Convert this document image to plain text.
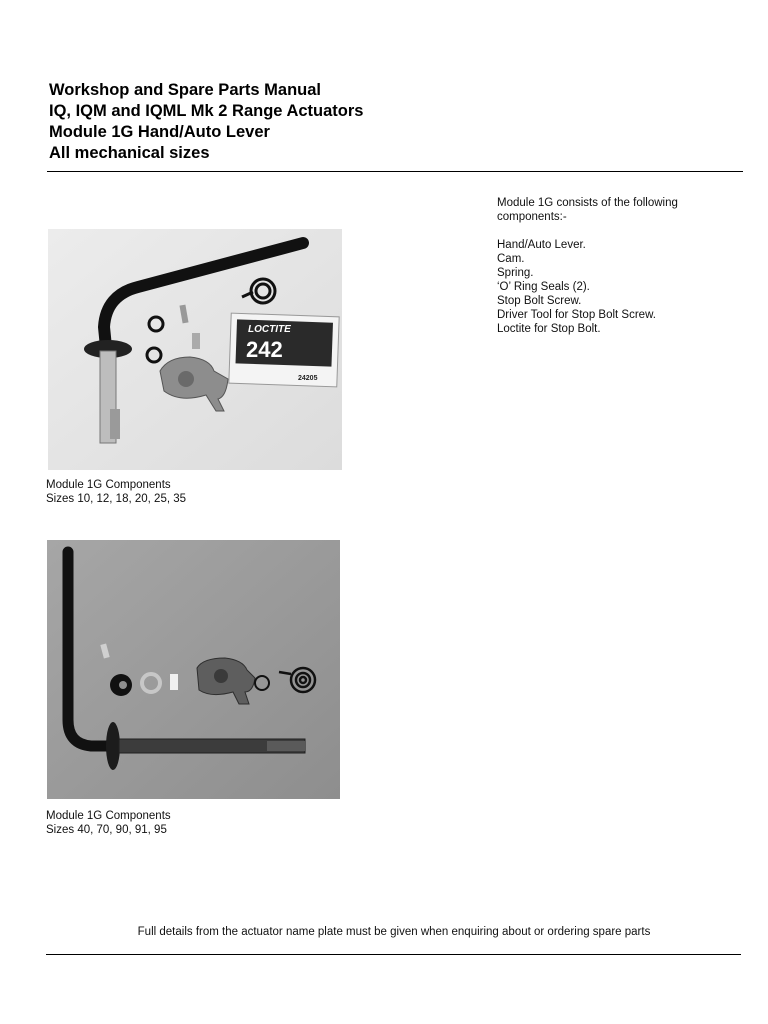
Workshop and Spare Parts Manual
IQ, IQM and IQML Mk 2 Range Actuators
Module 1G Hand/Auto Lever
All mechanical sizes
Module 1G consists of the following components:-
Hand/Auto Lever.
Cam.
Spring.
‘O’ Ring Seals (2).
Stop Bolt Screw.
Driver Tool for Stop Bolt Screw.
Loctite for Stop Bolt.
LOCTITE
242
24205
Module 1G Components
Sizes 10, 12, 18, 20, 25, 35
Module 1G Components
Sizes 40, 70, 90, 91, 95
Full details from the actuator name plate must be given when enquiring about or ordering spare parts
